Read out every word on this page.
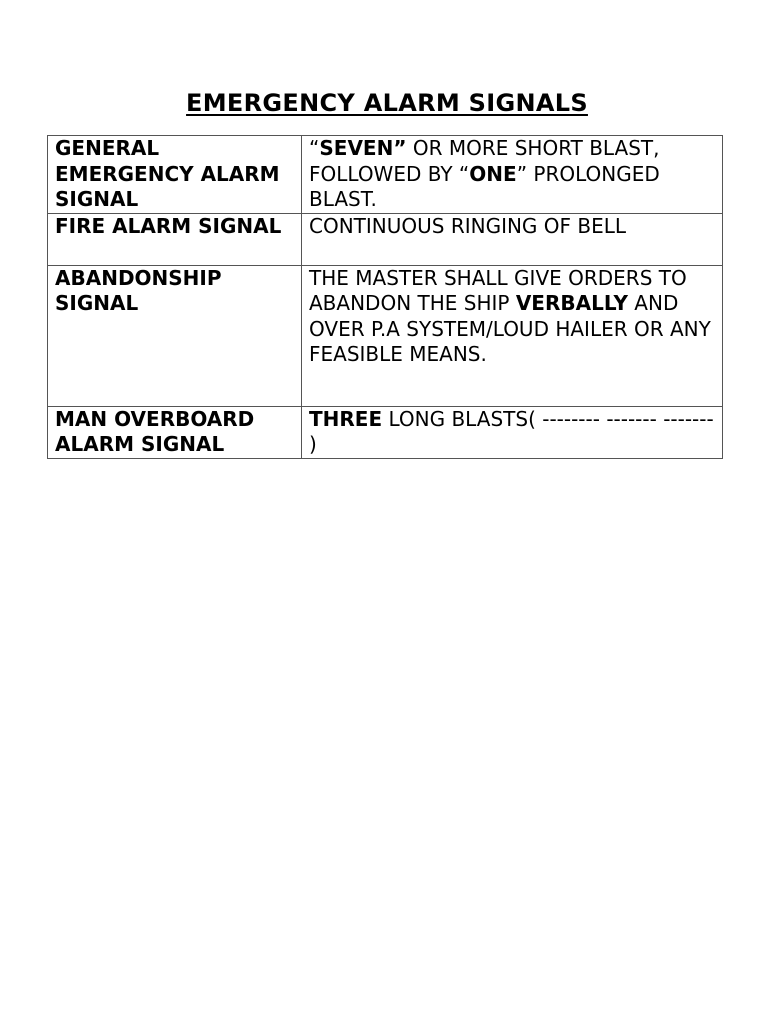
EMERGENCY ALARM SIGNALS
GENERAL EMERGENCY ALARM SIGNAL	“SEVEN” OR MORE SHORT BLAST, FOLLOWED BY “ONE” PROLONGED BLAST.
FIRE ALARM SIGNAL	CONTINUOUS RINGING OF BELL
ABANDONSHIP SIGNAL	THE MASTER SHALL GIVE ORDERS TO ABANDON THE SHIP VERBALLY AND OVER P.A SYSTEM/LOUD HAILER OR ANY FEASIBLE MEANS.
MAN OVERBOARD ALARM SIGNAL	THREE LONG BLASTS( -------- ------- ------- )
